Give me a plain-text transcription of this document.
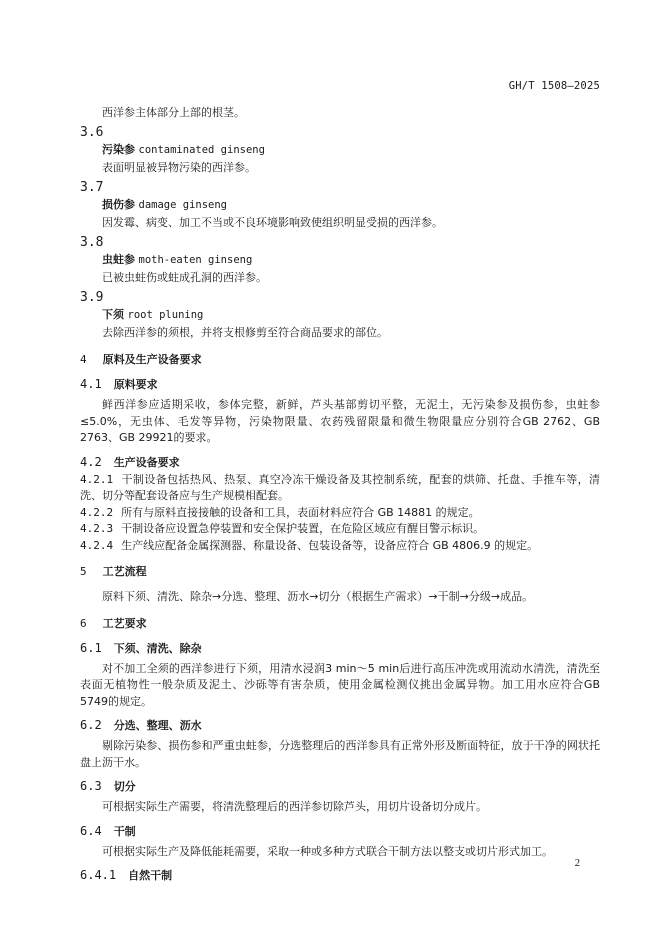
GH/T 1508—2025
西洋参主体部分上部的根茎。
3.6
污染参 contaminated ginseng
表面明显被异物污染的西洋参。
3.7
损伤参 damage ginseng
因发霉、病变、加工不当或不良环境影响致使组织明显受损的西洋参。
3.8
虫蛀参 moth-eaten ginseng
已被虫蛀伤或蛀成孔洞的西洋参。
3.9
下须 root pluning
去除西洋参的须根，并将支根修剪至符合商品要求的部位。
4 原料及生产设备要求
4.1 原料要求
鲜西洋参应适期采收，参体完整，新鲜，芦头基部剪切平整，无泥土，无污染参及损伤参，虫蛀参≤5.0%，无虫体、毛发等异物，污染物限量、农药残留限量和微生物限量应分别符合GB 2762、GB 2763、GB 29921的要求。
4.2 生产设备要求
4.2.1 干制设备包括热风、热泵、真空冷冻干燥设备及其控制系统，配套的烘筛、托盘、手推车等，清洗、切分等配套设备应与生产规模相配套。
4.2.2 所有与原料直接接触的设备和工具，表面材料应符合 GB 14881 的规定。
4.2.3 干制设备应设置急停装置和安全保护装置，在危险区域应有醒目警示标识。
4.2.4 生产线应配备金属探测器、称量设备、包装设备等，设备应符合 GB 4806.9 的规定。
5 工艺流程
原料下须、清洗、除杂→分选、整理、沥水→切分（根据生产需求）→干制→分级→成品。
6 工艺要求
6.1 下须、清洗、除杂
对不加工全须的西洋参进行下须，用清水浸润3 min～5 min后进行高压冲洗或用流动水清洗，清洗至表面无植物性一般杂质及泥土、沙砾等有害杂质，使用金属检测仪挑出金属异物。加工用水应符合GB 5749的规定。
6.2 分选、整理、沥水
剔除污染参、损伤参和严重虫蛀参，分选整理后的西洋参具有正常外形及断面特征，放于干净的网状托盘上沥干水。
6.3 切分
可根据实际生产需要，将清洗整理后的西洋参切除芦头，用切片设备切分成片。
6.4 干制
可根据实际生产及降低能耗需要，采取一种或多种方式联合干制方法以整支或切片形式加工。
6.4.1 自然干制
2
